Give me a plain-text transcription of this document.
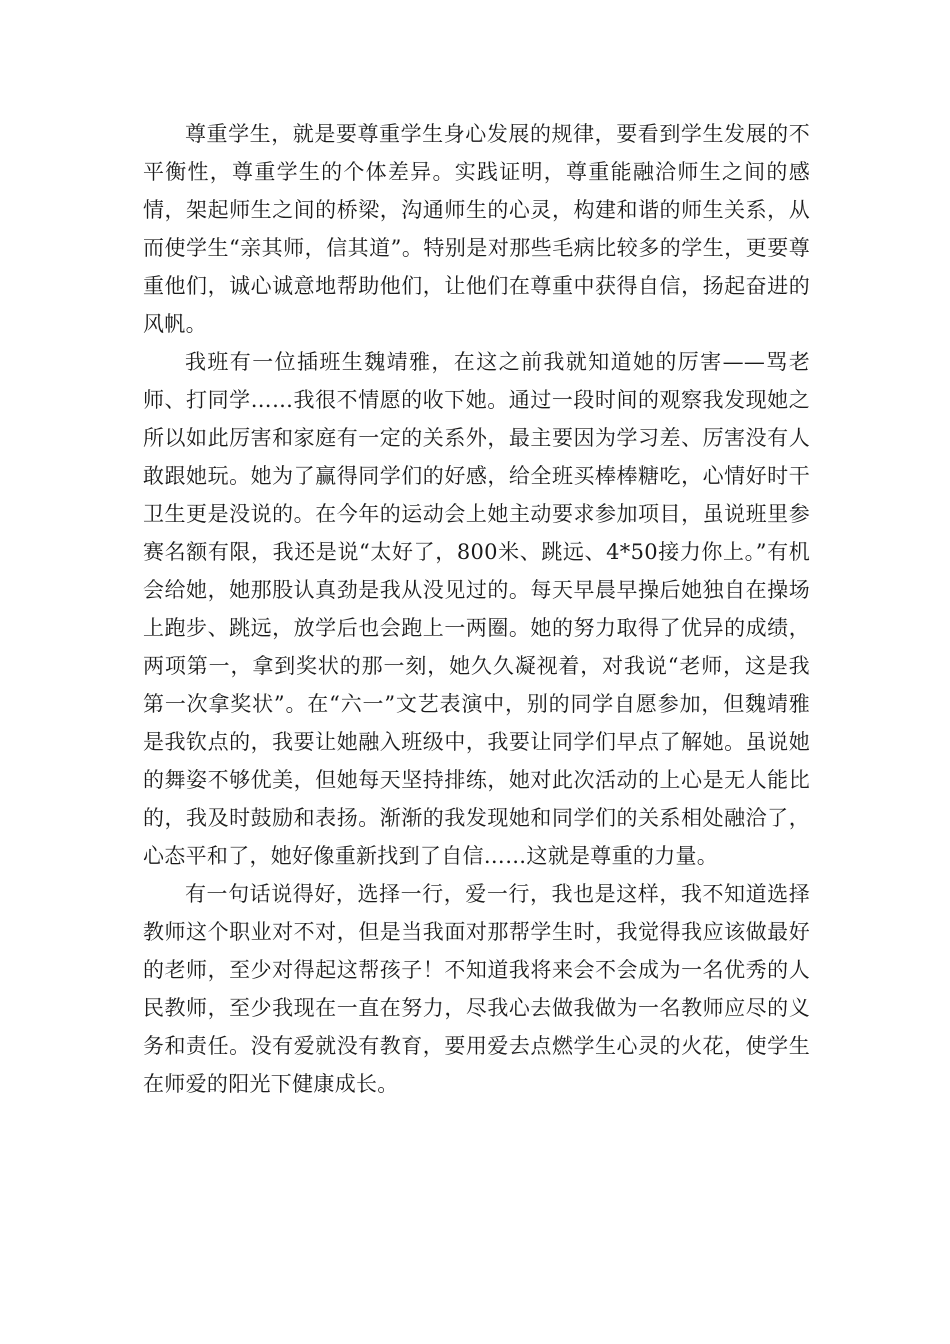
尊重学生，就是要尊重学生身心发展的规律，要看到学生发展的不平衡性，尊重学生的个体差异。实践证明，尊重能融洽师生之间的感情，架起师生之间的桥梁，沟通师生的心灵，构建和谐的师生关系，从而使学生“亲其师，信其道”。特别是对那些毛病比较多的学生，更要尊重他们，诚心诚意地帮助他们，让他们在尊重中获得自信，扬起奋进的风帆。

我班有一位插班生魏靖雅，在这之前我就知道她的厉害——骂老师、打同学……我很不情愿的收下她。通过一段时间的观察我发现她之所以如此厉害和家庭有一定的关系外，最主要因为学习差、厉害没有人敢跟她玩。她为了赢得同学们的好感，给全班买棒棒糖吃，心情好时干卫生更是没说的。在今年的运动会上她主动要求参加项目，虽说班里参赛名额有限，我还是说“太好了，800米、跳远、4*50接力你上。”有机会给她，她那股认真劲是我从没见过的。每天早晨早操后她独自在操场上跑步、跳远，放学后也会跑上一两圈。她的努力取得了优异的成绩，两项第一，拿到奖状的那一刻，她久久凝视着，对我说“老师，这是我第一次拿奖状”。在“六一”文艺表演中，别的同学自愿参加，但魏靖雅是我钦点的，我要让她融入班级中，我要让同学们早点了解她。虽说她的舞姿不够优美，但她每天坚持排练，她对此次活动的上心是无人能比的，我及时鼓励和表扬。渐渐的我发现她和同学们的关系相处融洽了，心态平和了，她好像重新找到了自信……这就是尊重的力量。

有一句话说得好，选择一行，爱一行，我也是这样，我不知道选择教师这个职业对不对，但是当我面对那帮学生时，我觉得我应该做最好的老师，至少对得起这帮孩子！不知道我将来会不会成为一名优秀的人民教师，至少我现在一直在努力，尽我心去做我做为一名教师应尽的义务和责任。没有爱就没有教育，要用爱去点燃学生心灵的火花，使学生在师爱的阳光下健康成长。
